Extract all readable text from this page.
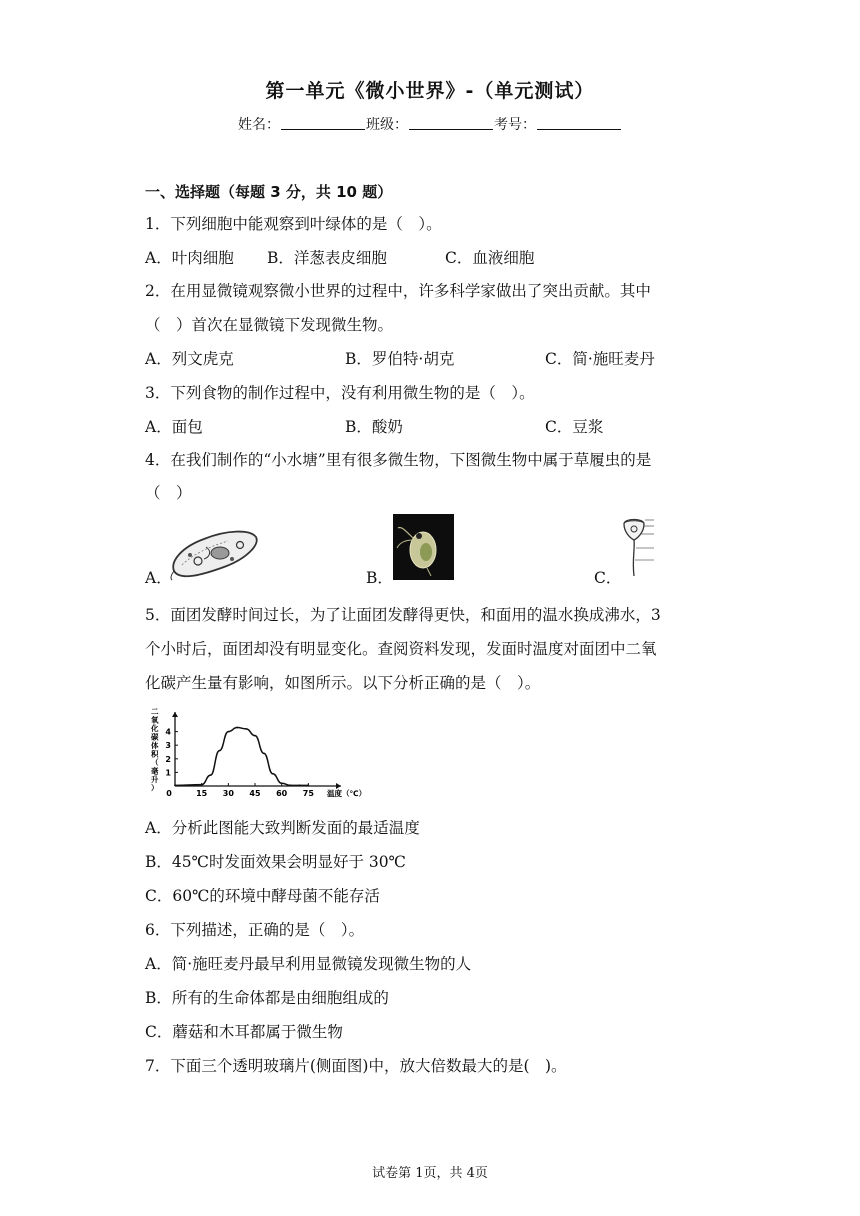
第一单元《微小世界》-（单元测试）
姓名：	班级：	考号：
一、选择题（每题 3 分，共 10 题）
1．下列细胞中能观察到叶绿体的是（　）。
A．叶肉细胞 B．洋葱表皮细胞	C．血液细胞
2．在用显微镜观察微小世界的过程中，许多科学家做出了突出贡献。其中
（　）首次在显微镜下发现微生物。
A．列文虎克	B．罗伯特·胡克	C．简·施旺麦丹
3．下列食物的制作过程中，没有利用微生物的是（　）。
A．面包	B．酸奶	C．豆浆
4．在我们制作的“小水塘”里有很多微生物，下图微生物中属于草履虫的是
（　）
A．	B．	C．
5．面团发酵时间过长，为了让面团发酵得更快，和面用的温水换成沸水，3
个小时后，面团却没有明显变化。查阅资料发现，发面时温度对面团中二氧
化碳产生量有影响，如图所示。以下分析正确的是（　）。
0	15 30 45 60 75
1
2
3
4
二氧化碳体积（毫升）
温度（℃）
A．分析此图能大致判断发面的最适温度
B．45℃时发面效果会明显好于 30℃
C．60℃的环境中酵母菌不能存活
6．下列描述，正确的是（　）。
A．简·施旺麦丹最早利用显微镜发现微生物的人
B．所有的生命体都是由细胞组成的
C．蘑菇和木耳都属于微生物
7．下面三个透明玻璃片(侧面图)中，放大倍数最大的是(　)。
试卷第 1页，共 4页
